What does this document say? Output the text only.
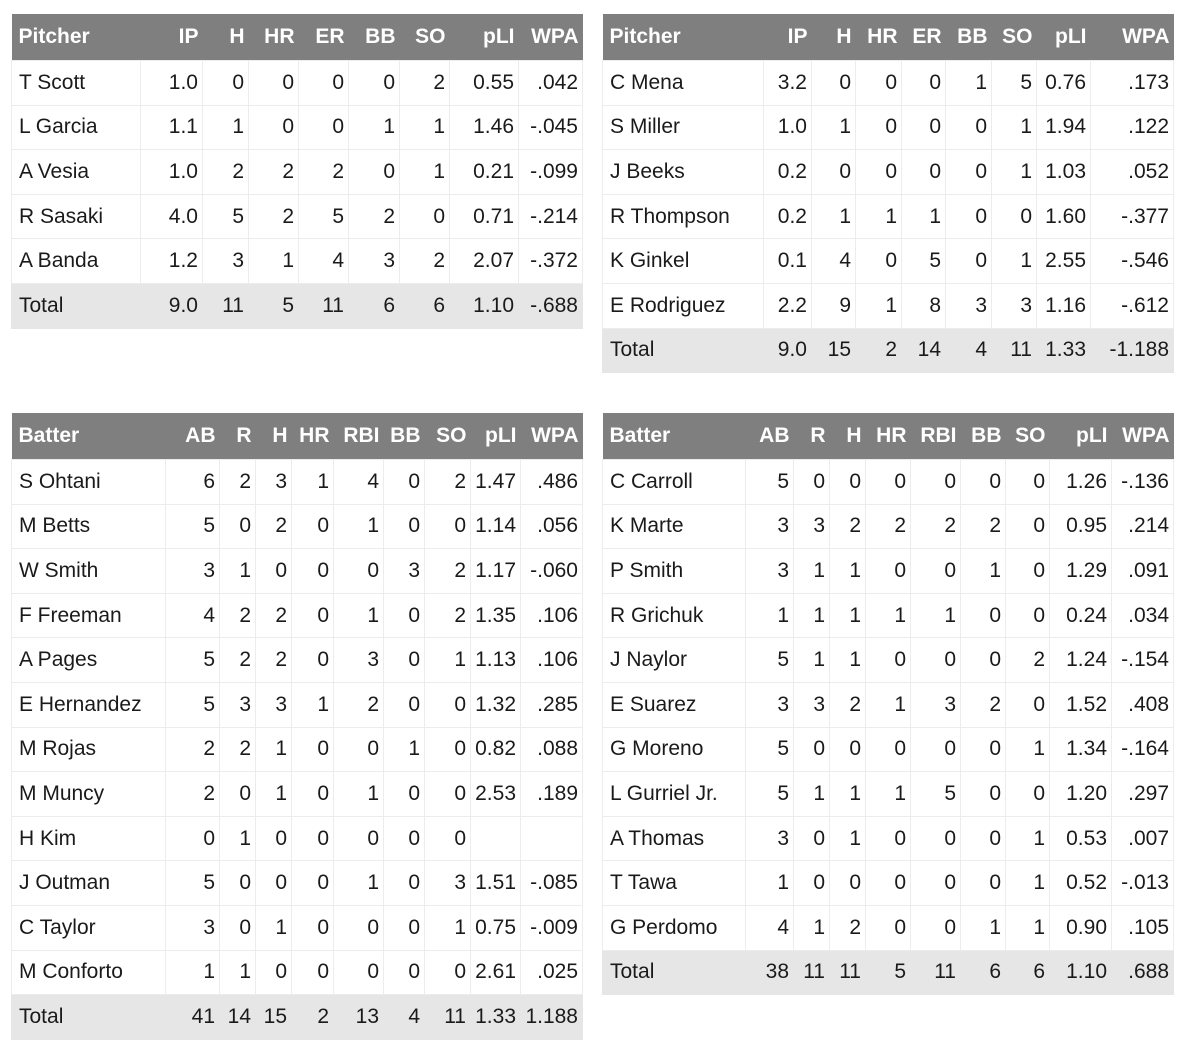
Pitcher	IP	H	HR	ER	BB	SO	pLI	WPA
T Scott	1.0	0	0	0	0	2	0.55	.042
L Garcia	1.1	1	0	0	1	1	1.46	-.045
A Vesia	1.0	2	2	2	0	1	0.21	-.099
R Sasaki	4.0	5	2	5	2	0	0.71	-.214
A Banda	1.2	3	1	4	3	2	2.07	-.372
Total	9.0	11	5	11	6	6	1.10	-.688
Pitcher	IP	H	HR	ER	BB	SO	pLI	WPA
C Mena	3.2	0	0	0	1	5	0.76	.173
S Miller	1.0	1	0	0	0	1	1.94	.122
J Beeks	0.2	0	0	0	0	1	1.03	.052
R Thompson	0.2	1	1	1	0	0	1.60	-.377
K Ginkel	0.1	4	0	5	0	1	2.55	-.546
E Rodriguez	2.2	9	1	8	3	3	1.16	-.612
Total	9.0	15	2	14	4	11	1.33	-1.188
Batter	AB	R	H	HR	RBI	BB	SO	pLI	WPA
S Ohtani	6	2	3	1	4	0	2	1.47	.486
M Betts	5	0	2	0	1	0	0	1.14	.056
W Smith	3	1	0	0	0	3	2	1.17	-.060
F Freeman	4	2	2	0	1	0	2	1.35	.106
A Pages	5	2	2	0	3	0	1	1.13	.106
E Hernandez	5	3	3	1	2	0	0	1.32	.285
M Rojas	2	2	1	0	0	1	0	0.82	.088
M Muncy	2	0	1	0	1	0	0	2.53	.189
H Kim	0	1	0	0	0	0	0		
J Outman	5	0	0	0	1	0	3	1.51	-.085
C Taylor	3	0	1	0	0	0	1	0.75	-.009
M Conforto	1	1	0	0	0	0	0	2.61	.025
Total	41	14	15	2	13	4	11	1.33	1.188
Batter	AB	R	H	HR	RBI	BB	SO	pLI	WPA
C Carroll	5	0	0	0	0	0	0	1.26	-.136
K Marte	3	3	2	2	2	2	0	0.95	.214
P Smith	3	1	1	0	0	1	0	1.29	.091
R Grichuk	1	1	1	1	1	0	0	0.24	.034
J Naylor	5	1	1	0	0	0	2	1.24	-.154
E Suarez	3	3	2	1	3	2	0	1.52	.408
G Moreno	5	0	0	0	0	0	1	1.34	-.164
L Gurriel Jr.	5	1	1	1	5	0	0	1.20	.297
A Thomas	3	0	1	0	0	0	1	0.53	.007
T Tawa	1	0	0	0	0	0	1	0.52	-.013
G Perdomo	4	1	2	0	0	1	1	0.90	.105
Total	38	11	11	5	11	6	6	1.10	.688
